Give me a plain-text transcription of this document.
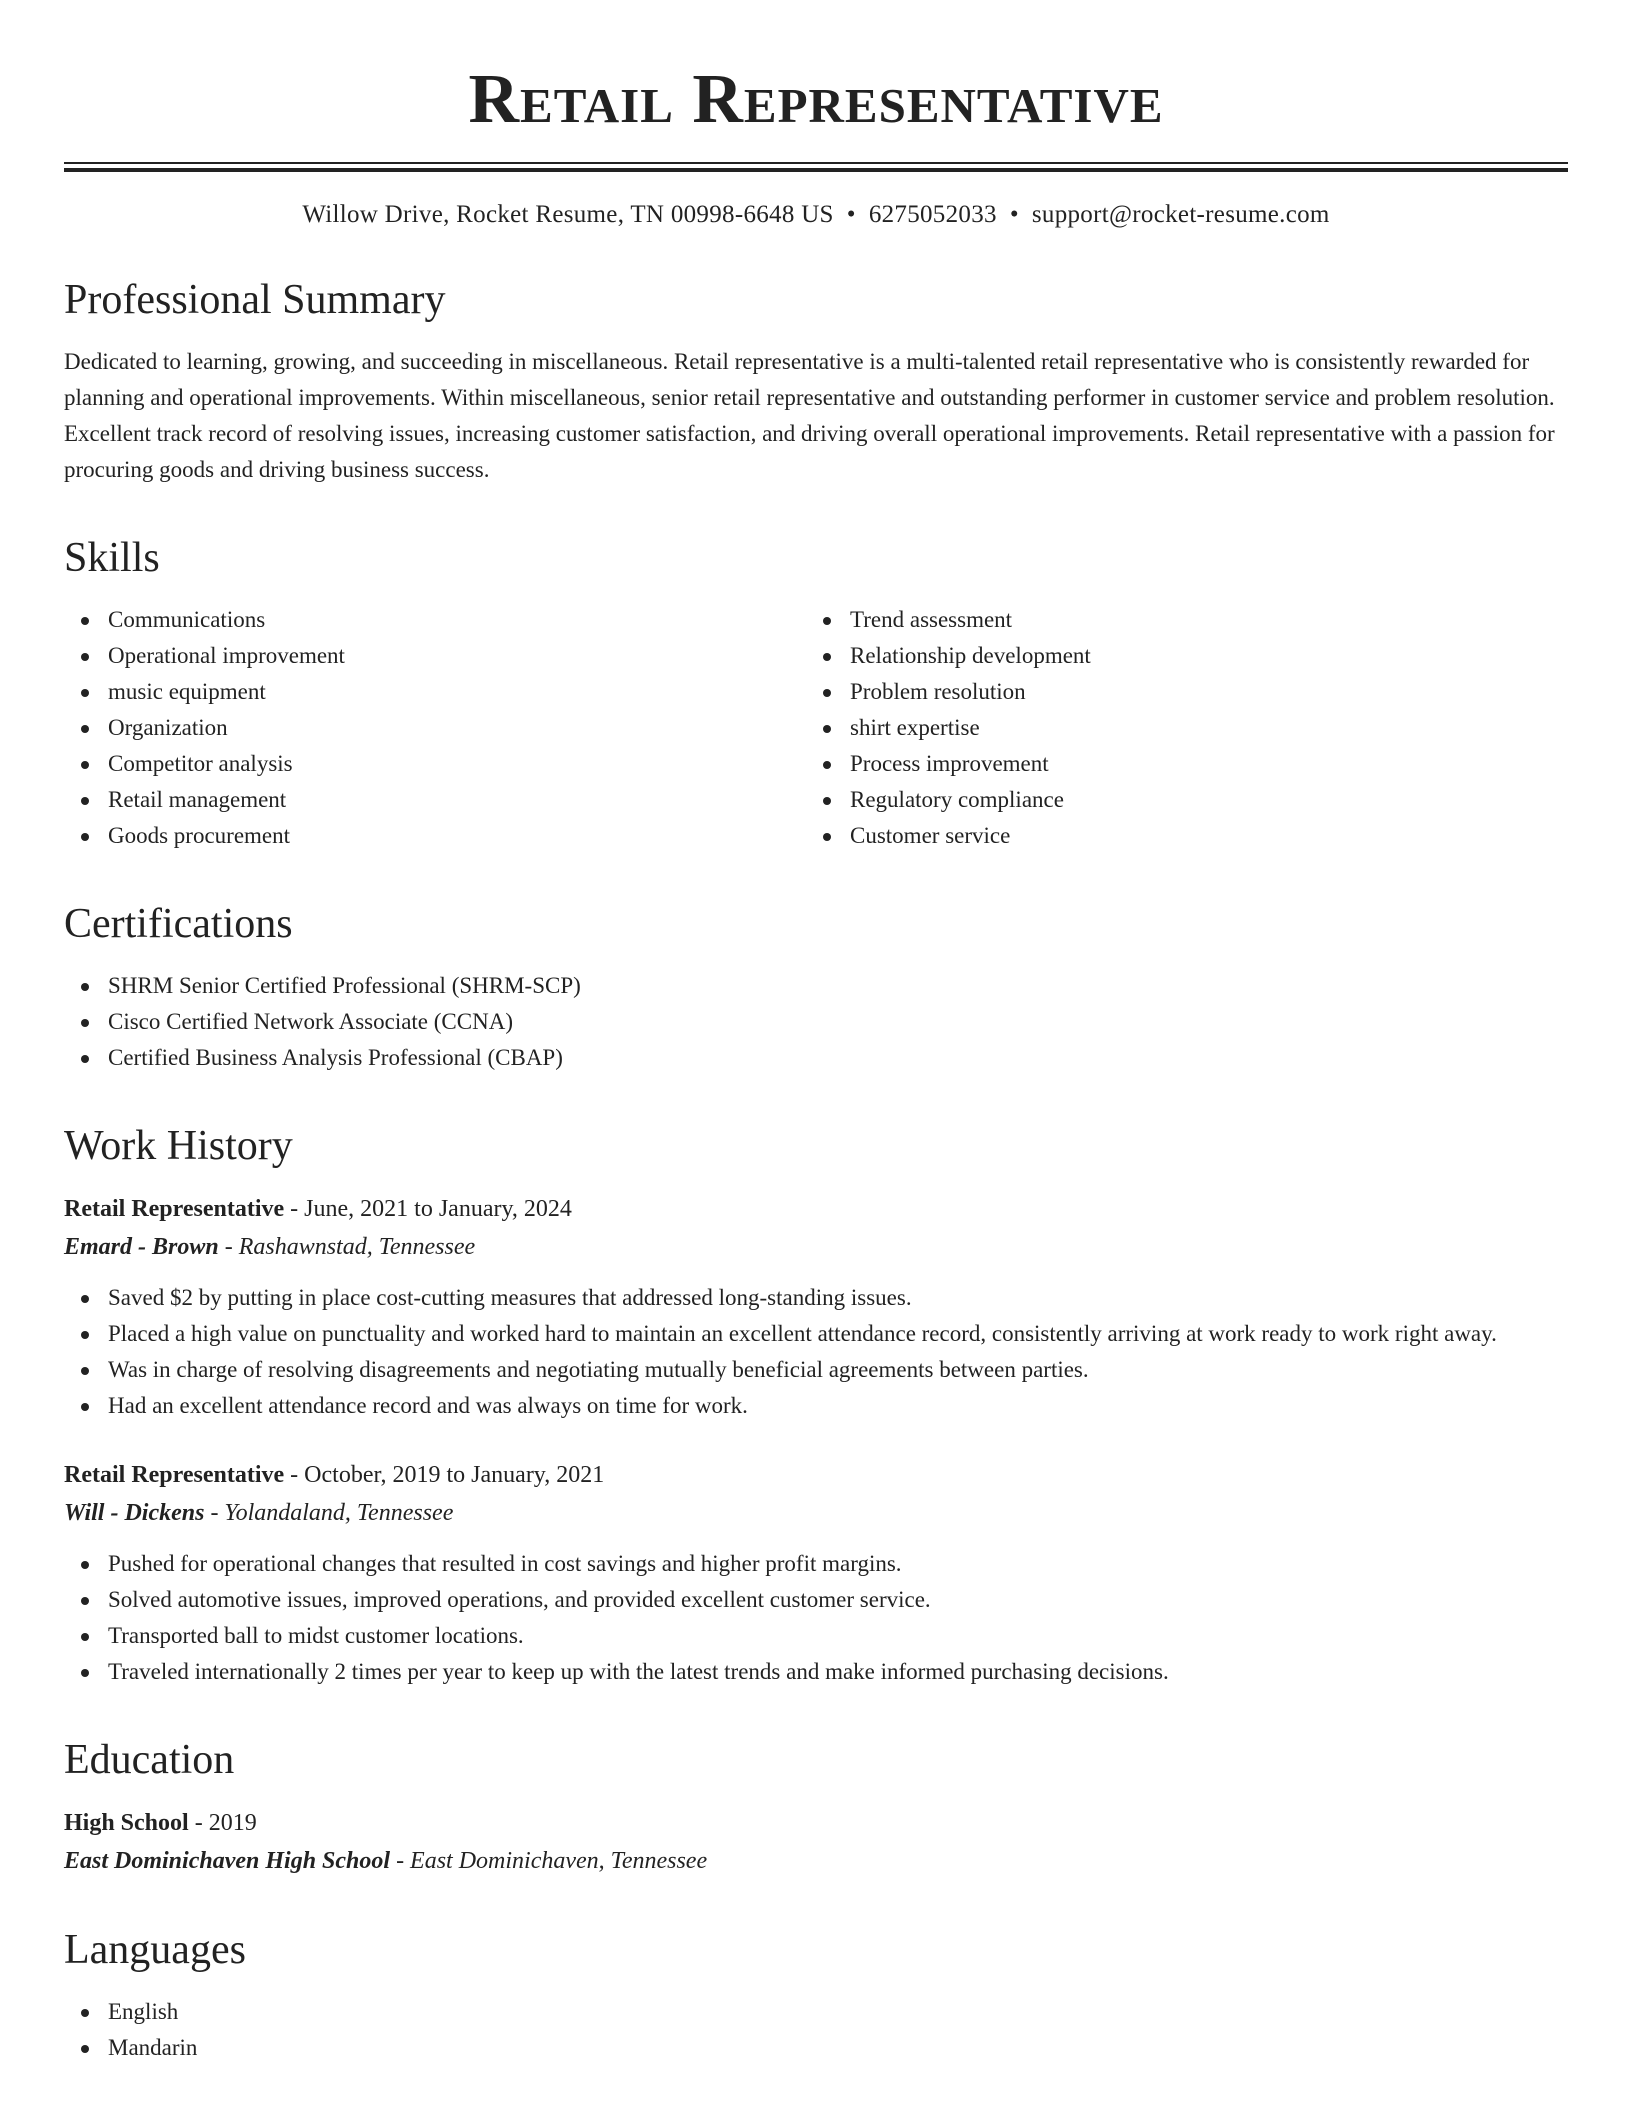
Retail Representative
Willow Drive, Rocket Resume, TN 00998-6648 US • 6275052033 • support@rocket-resume.com
Professional Summary

Dedicated to learning, growing, and succeeding in miscellaneous. Retail representative is a multi-talented retail representative who is consistently rewarded for planning and operational improvements. Within miscellaneous, senior retail representative and outstanding performer in customer service and problem resolution. Excellent track record of resolving issues, increasing customer satisfaction, and driving overall operational improvements. Retail representative with a passion for procuring goods and driving business success.

Skills
Communications
Operational improvement
music equipment
Organization
Competitor analysis
Retail management
Goods procurement
Trend assessment
Relationship development
Problem resolution
shirt expertise
Process improvement
Regulatory compliance
Customer service
Certifications
SHRM Senior Certified Professional (SHRM-SCP)
Cisco Certified Network Associate (CCNA)
Certified Business Analysis Professional (CBAP)
Work History
Retail Representative - June, 2021 to January, 2024
Emard - Brown - Rashawnstad, Tennessee
Saved $2 by putting in place cost-cutting measures that addressed long-standing issues.
Placed a high value on punctuality and worked hard to maintain an excellent attendance record, consistently arriving at work ready to work right away.
Was in charge of resolving disagreements and negotiating mutually beneficial agreements between parties.
Had an excellent attendance record and was always on time for work.
Retail Representative - October, 2019 to January, 2021
Will - Dickens - Yolandaland, Tennessee
Pushed for operational changes that resulted in cost savings and higher profit margins.
Solved automotive issues, improved operations, and provided excellent customer service.
Transported ball to midst customer locations.
Traveled internationally 2 times per year to keep up with the latest trends and make informed purchasing decisions.
Education
High School - 2019
East Dominichaven High School - East Dominichaven, Tennessee
Languages
English
Mandarin
